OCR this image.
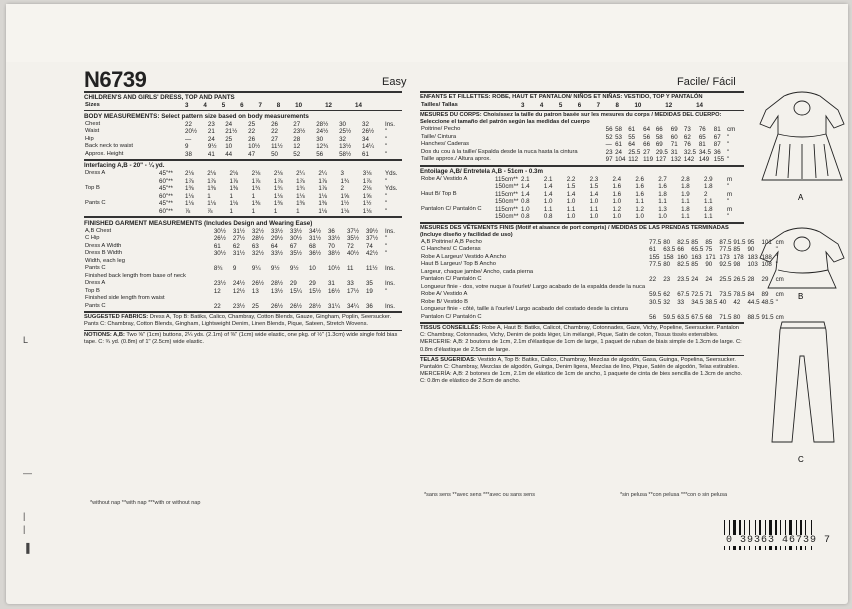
N6739	Easy	Facile/ Fácil
CHILDREN'S AND GIRLS' DRESS, TOP AND PANTS
Sizes		3	4	5	6	7	8	10	12	14	
BODY MEASUREMENTS: Select pattern size based on body measurements
Chest		22	23	24	25	26	27	28½	30	32	Ins.
Waist		20½	21	21½	22	22	23½	24½	25½	26½	"
Hip		—	24	25	26	27	28	30	32	34	"
Back neck to waist		9	9½	10	10½	11½	12	12¾	13½	14¼	"
Approx. Height		38	41	44	47	50	52	56	58½	61	"
Interfacing A,B - 20" - ¼ yd.
Dress A	45"**	2⅛	2⅛	2⅛	2⅛	2⅛	2¼	2¼	3	3⅛	Yds.
	60"**	1⅞	1⅞	1⅞	1⅞	1⅞	1⅞	1⅞	1¾	1⅞	"
Top B	45"**	1⅜	1⅜	1⅜	1¾	1¾	1¾	1⅞	2	2⅛	Yds.
	60"**	1⅛	1	1	1	1⅛	1⅛	1⅛	1⅝	1⅝	"
Pants C	45"**	1⅛	1⅛	1⅛	1⅜	1⅜	1⅜	1⅜	1½	1½	"
	60"**	⅞	⅞	1	1	1	1	1⅛	1⅛	1⅛	"
FINISHED GARMENT MEASUREMENTS (Includes Design and Wearing Ease)
A,B Chest		30½	31½	32½	33½	33½	34½	36	37½	39½	Ins.
C Hip		26½	27½	28½	29½	30½	31½	33½	35½	37½	"
Dress A Width		61	62	63	64	67	68	70	72	74	"
Dress B Width		30½	31½	32½	33½	35½	36½	38½	40½	42½	"
Width, each leg											
Pants C		8¾	9	9¼	9½	9½	10	10½	11	11½	Ins.
Finished back length from base of neck											
Dress A		23½	24½	26½	28½	29	29	31	33	35	Ins.
Top B		12	12½	13	13½	15¼	15½	16½	17½	19	"
Finished side length from waist											
Pants C		22	23½	25	26½	26½	28½	31¼	34¼	36	Ins.
SUGGESTED FABRICS: Dress A, Top B: Batiks, Calico, Chambray, Cotton Blends, Gauze, Gingham, Poplin, Seersucker. Pants C: Chambray, Cotton Blends, Gingham, Lightweight Denim, Linen Blends, Pique, Sateen, Stretch Wovens.
NOTIONS: A,B: Two ⅝" (1cm) buttons, 2¼ yds. (2.1m) of ⅜" (1cm) wide elastic, one pkg. of ½" (1.3cm) wide single fold bias tape. C: ¾ yd. (0.8m) of 1" (2.5cm) wide elastic.
ENFANTS ET FILLETTES: ROBE, HAUT ET PANTALON/ NIÑOS ET NIÑAS: VESTIDO, TOP Y PANTALÓN
Tailles/ Tallas		3	4	5	6	7	8	10	12	14	
MESURES DU CORPS: Choisissez la taille du patron basée sur les mesures du corps / MEDIDAS DEL CUERPO: Seleccione el tamaño del patrón según las medidas del cuerpo
Poitrine/ Pecho		56	58	61	64	66	69	73	76	81	cm
Taille/ Cintura		52	53	55	56	58	60	62	65	67	"
Hanches/ Caderas		—	61	64	66	69	71	76	81	87	"
Dos du cou à la taille/ Espalda desde la nuca hasta la cintura		23	24	25.5	27	29.5	31	32.5	34.5	36	"
Taille approx./ Altura aprox.		97	104	112	119	127	132	142	149	155	"
Entoilage A,B/ Entretela A,B - 51cm - 0.3m
Robe A/ Vestido A	115cm**	2.1	2.1	2.2	2.3	2.4	2.6	2.7	2.8	2.9	m
	150cm**	1.4	1.4	1.5	1.5	1.6	1.6	1.6	1.8	1.8	"
Haut B/ Top B	115cm**	1.4	1.4	1.4	1.4	1.6	1.6	1.8	1.9	2	m
	150cm**	0.8	1.0	1.0	1.0	1.0	1.1	1.1	1.1	1.1	"
Pantalon C/ Pantalón C	115cm**	1.0	1.1	1.1	1.1	1.2	1.2	1.3	1.8	1.8	m
	150cm**	0.8	0.8	1.0	1.0	1.0	1.0	1.0	1.1	1.1	"
MESURES DES VÊTEMENTS FINIS (Motif et aisance de port compris) / MEDIDAS DE LAS PRENDAS TERMINADAS (Incluye diseño y facilidad de uso)
A,B Poitrine/ A,B Pecho		77.5	80	82.5	85	85	87.5	91.5	95	101	cm
C Hanches/ C Caderas		61	63.5	66	65.5	75	77.5	85	90		"
Robe A Largeur/ Vestido A Ancho		155	158	160	163	171	173	178	183	188	"
Haut B Largeur/ Top B Ancho		77.5	80	82.5	85	90	92.5	98	103	108	"
Largeur, chaque jambe/ Ancho, cada pierna											
Pantalon C/ Pantalón C		22	23	23.5	24	24	25.5	26.5	28	29	cm
Longueur finie - dos, votre nuque à l'ourlet/ Largo acabado de la espalda desde la nuca											
Robe A/ Vestido A		59.5	62	67.5	72.5	71	73.5	78.5	84	89	cm
Robe B/ Vestido B		30.5	32	33	34.5	38.5	40	42	44.5	48.5	"
Longueur finie - côté, taille à l'ourlet/ Largo acabado del costado desde la cintura											
Pantalon C/ Pantalón C		56	59.5	63.5	67.5	68	71.5	80	88.5	91.5	cm
TISSUS CONSEILLÉS: Robe A, Haut B: Batiks, Calicot, Chambray, Cotonnades, Gaze, Vichy, Popeline, Seersucker. Pantalon C: Chambray, Cotonnades, Vichy, Denim de poids léger, Lin mélangé, Pique, Satin de coton, Tissus tissés extensibles. MERCERIE: A,B: 2 boutons de 1cm, 2.1m d'élastique de 1cm de large, 1 paquet de ruban de biais simple de 1.3cm de large. C: 0.8m d'élastique de 2.5cm de large.
TELAS SUGERIDAS: Vestido A, Top B: Batiks, Calico, Chambray, Mezclas de algodón, Gasa, Guinga, Popelina, Seersucker. Pantalón C: Chambray, Mezclas de algodón, Guinga, Denim ligera, Mezclas de lino, Pique, Satén de algodón, Telas estirables. MERCERÍA: A,B: 2 botones de 1cm, 2.1m de elástico de 1cm de ancho, 1 paquete de cinta de bies sencilla de 1.3cm de ancho. C: 0.8m de elástico de 2.5cm de ancho.
*without nap **with nap ***with or without nap
*sans sens **avec sens ***avec ou sans sens	*sin pelusa **con pelusa ***con o sin pelusa
A
B
C
0 39363 46739 7
L
—
|
|
▐
